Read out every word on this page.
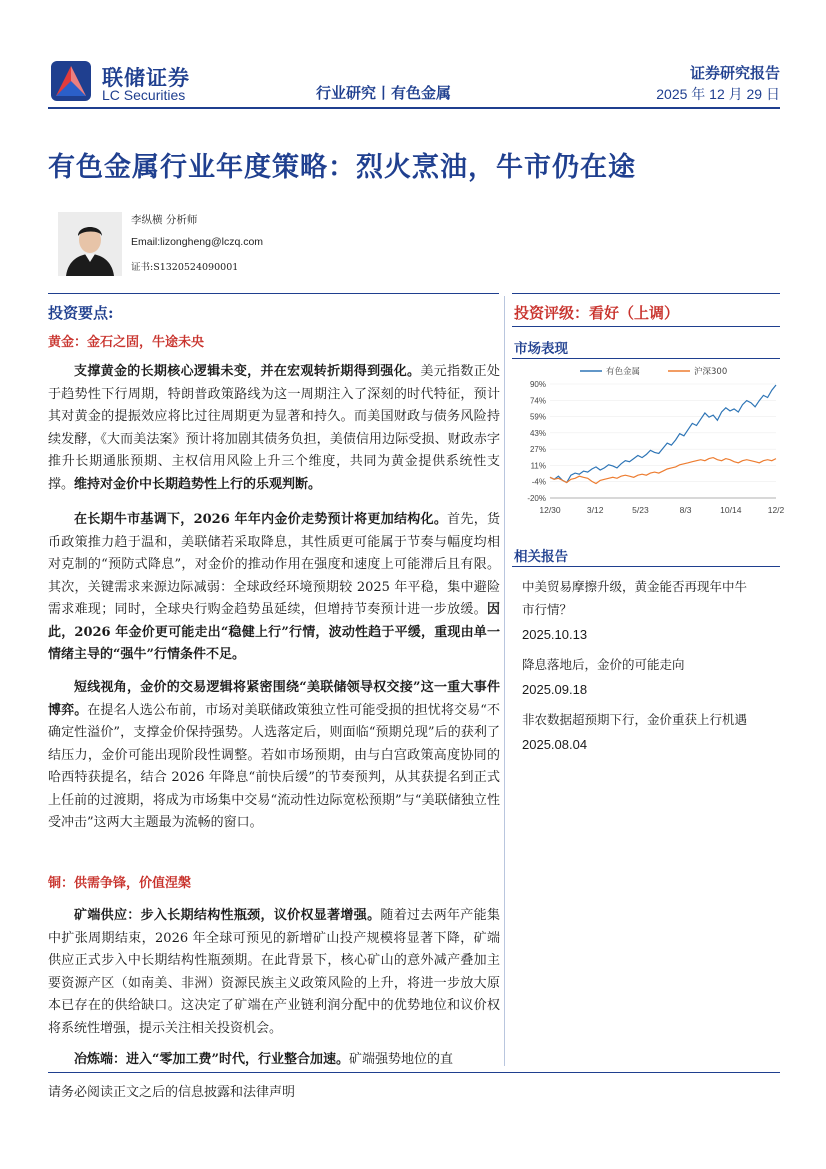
联储证券
LC Securities	行业研究丨有色金属
证券研究报告
2025 年 12 月 29 日
有色金属行业年度策略：烈火烹油，牛市仍在途
李纵横 分析师
Email:lizongheng@lczq.com
证书:S1320524090001
投资要点:
黄金：金石之固，牛途未央
支撑黄金的长期核心逻辑未变，并在宏观转折期得到强化。美元指数正处于趋势性下行周期，特朗普政策路线为这一周期注入了深刻的时代特征，预计其对黄金的提振效应将比过往周期更为显著和持久。而美国财政与债务风险持续发酵，《大而美法案》预计将加剧其债务负担，美债信用边际受损、财政赤字推升长期通胀预期、主权信用风险上升三个维度，共同为黄金提供系统性支撑。维持对金价中长期趋势性上行的乐观判断。
在长期牛市基调下，2026 年年内金价走势预计将更加结构化。首先，货币政策推力趋于温和，美联储若采取降息，其性质更可能属于节奏与幅度均相对克制的“预防式降息”，对金价的推动作用在强度和速度上可能滞后且有限。其次，关键需求来源边际减弱：全球政经环境预期较 2025 年平稳，集中避险需求难现；同时，全球央行购金趋势虽延续，但增持节奏预计进一步放缓。因此，2026 年金价更可能走出“稳健上行”行情，波动性趋于平缓，重现由单一情绪主导的“强牛”行情条件不足。
短线视角，金价的交易逻辑将紧密围绕“美联储领导权交接”这一重大事件博弈。在提名人选公布前，市场对美联储政策独立性可能受损的担忧将交易“不确定性溢价”，支撑金价保持强势。人选落定后，则面临“预期兑现”后的获利了结压力，金价可能出现阶段性调整。若如市场预期，由与白宫政策高度协同的哈西特获提名，结合 2026 年降息“前快后缓”的节奏预判，从其获提名到正式上任前的过渡期，将成为市场集中交易“流动性边际宽松预期”与“美联储独立性受冲击”这两大主题最为流畅的窗口。
铜：供需争锋，价值涅槃
矿端供应：步入长期结构性瓶颈，议价权显著增强。随着过去两年产能集中扩张周期结束，2026 年全球可预见的新增矿山投产规模将显著下降，矿端供应正式步入中长期结构性瓶颈期。在此背景下，核心矿山的意外减产叠加主要资源产区（如南美、非洲）资源民族主义政策风险的上升，将进一步放大原本已存在的供给缺口。这决定了矿端在产业链利润分配中的优势地位和议价权将系统性增强，提示关注相关投资机会。
冶炼端：进入“零加工费”时代，行业整合加速。矿端强势地位的直
投资评级：看好（上调）
市场表现
90%
74%
59%
43%
27%
11%
-4%
-20%
12/30	3/12	5/23	8/3	10/14	12/2
有色金属	沪深300
相关报告
中美贸易摩擦升级，黄金能否再现年中牛
市行情？
2025.10.13
降息落地后，金价的可能走向
2025.09.18
非农数据超预期下行，金价重获上行机遇
2025.08.04
请务必阅读正文之后的信息披露和法律声明
